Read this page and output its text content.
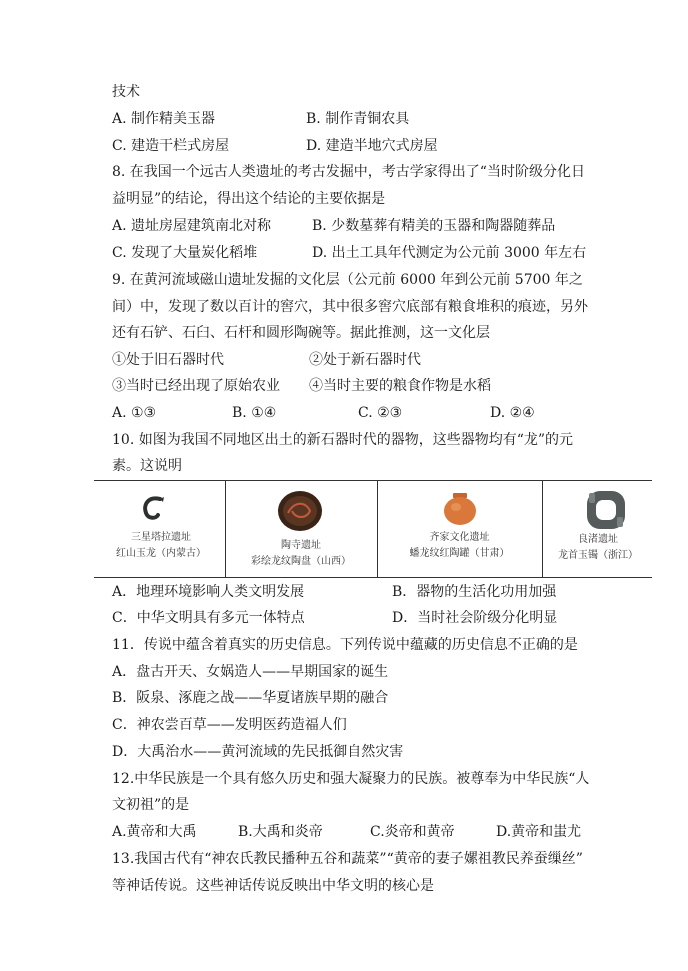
技术
A. 制作精美玉器	B. 制作青铜农具
C. 建造干栏式房屋	D. 建造半地穴式房屋
8. 在我国一个远古人类遗址的考古发掘中，考古学家得出了“当时阶级分化日
益明显”的结论，得出这个结论的主要依据是
A. 遗址房屋建筑南北对称	B. 少数墓葬有精美的玉器和陶器随葬品
C. 发现了大量炭化稻堆	D. 出土工具年代测定为公元前 3000 年左右
9. 在黄河流域磁山遗址发掘的文化层（公元前 6000 年到公元前 5700 年之
间）中，发现了数以百计的窖穴，其中很多窖穴底部有粮食堆积的痕迹，另外
还有石铲、石臼、石杆和圆形陶碗等。据此推测，这一文化层
①处于旧石器时代	②处于新石器时代
③当时已经出现了原始农业 ④当时主要的粮食作物是水稻
A. ①③	B. ①④	C. ②③	D. ②④
10. 如图为我国不同地区出土的新石器时代的器物，这些器物均有“龙”的元
素。这说明
三星塔拉遗址
红山玉龙（内蒙古）
陶寺遗址
彩绘龙纹陶盘（山西）
齐家文化遗址
蟠龙纹红陶罐（甘肃）
良渚遗址
龙首玉镯（浙江）
A．地理环境影响人类文明发展	B．器物的生活化功用加强
C．中华文明具有多元一体特点	D．当时社会阶级分化明显
11．传说中蕴含着真实的历史信息。下列传说中蕴藏的历史信息不正确的是
A．盘古开天、女娲造人——早期国家的诞生
B．阪泉、涿鹿之战——华夏诸族早期的融合
C．神农尝百草——发明医药造福人们
D．大禹治水——黄河流域的先民抵御自然灾害
12.中华民族是一个具有悠久历史和强大凝聚力的民族。被尊奉为中华民族“人
文初祖”的是
A.黄帝和大禹	B.大禹和炎帝	C.炎帝和黄帝	D.黄帝和蚩尤
13.我国古代有“神农氏教民播种五谷和蔬菜”“黄帝的妻子嫘祖教民养蚕缫丝”
等神话传说。这些神话传说反映出中华文明的核心是
